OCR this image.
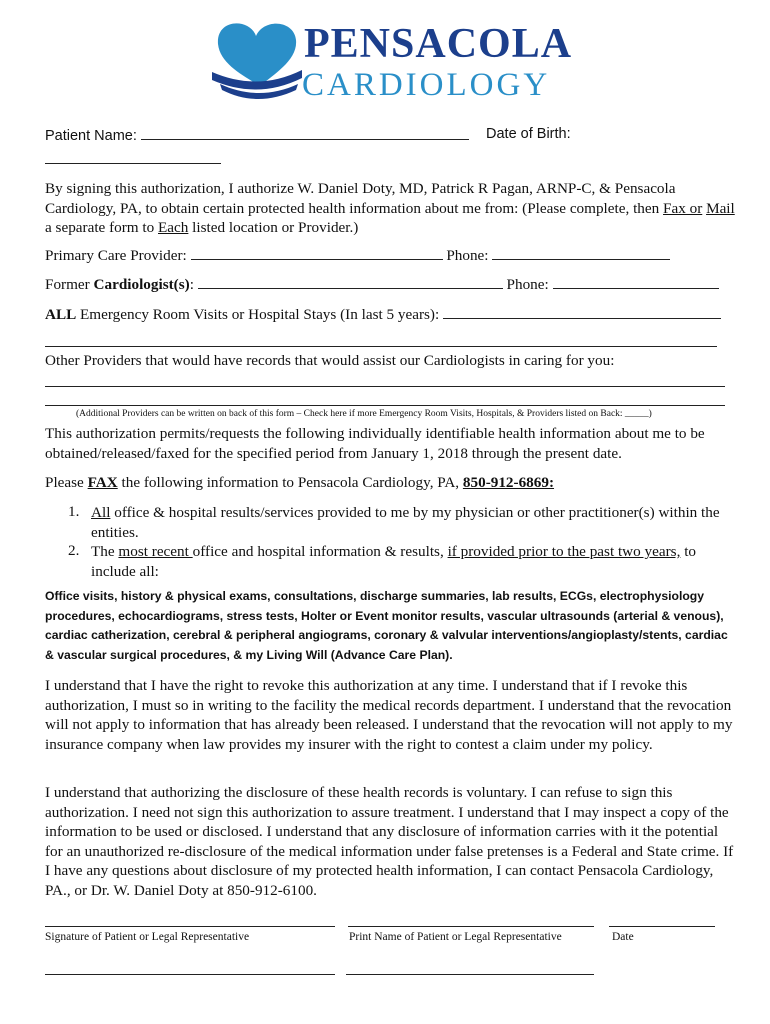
PENSACOLA
CARDIOLOGY
Patient Name:	Date of Birth:

By signing this authorization, I authorize W. Daniel Doty, MD, Patrick R Pagan, ARNP-C, & Pensacola Cardiology, PA, to obtain certain protected health information about me from: (Please complete, then Fax or Mail a separate form to Each listed location or Provider.)

Primary Care Provider:	Phone:
Former Cardiologist(s):	Phone:
ALL Emergency Room Visits or Hospital Stays (In last 5 years):
Other Providers that would have records that would assist our Cardiologists in caring for you:
(Additional Providers can be written on back of this form – Check here if more Emergency Room Visits, Hospitals, & Providers listed on Back: _____)

This authorization permits/requests the following individually identifiable health information about me to be obtained/released/faxed for the specified period from January 1, 2018 through the present date.

Please FAX the following information to Pensacola Cardiology, PA, 850-912-6869:
1. All office & hospital results/services provided to me by my physician or other practitioner(s) within the entities.

2. The most recent office and hospital information & results, if provided prior to the past two years, to include all:

Office visits, history & physical exams, consultations, discharge summaries, lab results, ECGs, electrophysiology procedures, echocardiograms, stress tests, Holter or Event monitor results, vascular ultrasounds (arterial & venous), cardiac catherization, cerebral & peripheral angiograms, coronary & valvular interventions/angioplasty/stents, cardiac & vascular surgical procedures, & my Living Will (Advance Care Plan).

I understand that I have the right to revoke this authorization at any time. I understand that if I revoke this authorization, I must so in writing to the facility the medical records department. I understand that the revocation will not apply to information that has already been released. I understand that the revocation will not apply to my insurance company when law provides my insurer with the right to contest a claim under my policy.

I understand that authorizing the disclosure of these health records is voluntary. I can refuse to sign this authorization. I need not sign this authorization to assure treatment. I understand that I may inspect a copy of the information to be used or disclosed. I understand that any disclosure of information carries with it the potential for an unauthorized re-disclosure of the medical information under false pretenses is a Federal and State crime. If I have any questions about disclosure of my protected health information, I can contact Pensacola Cardiology, PA., or Dr. W. Daniel Doty at 850-912-6100.

Signature of Patient or Legal Representative	Print Name of Patient or Legal Representative	Date
